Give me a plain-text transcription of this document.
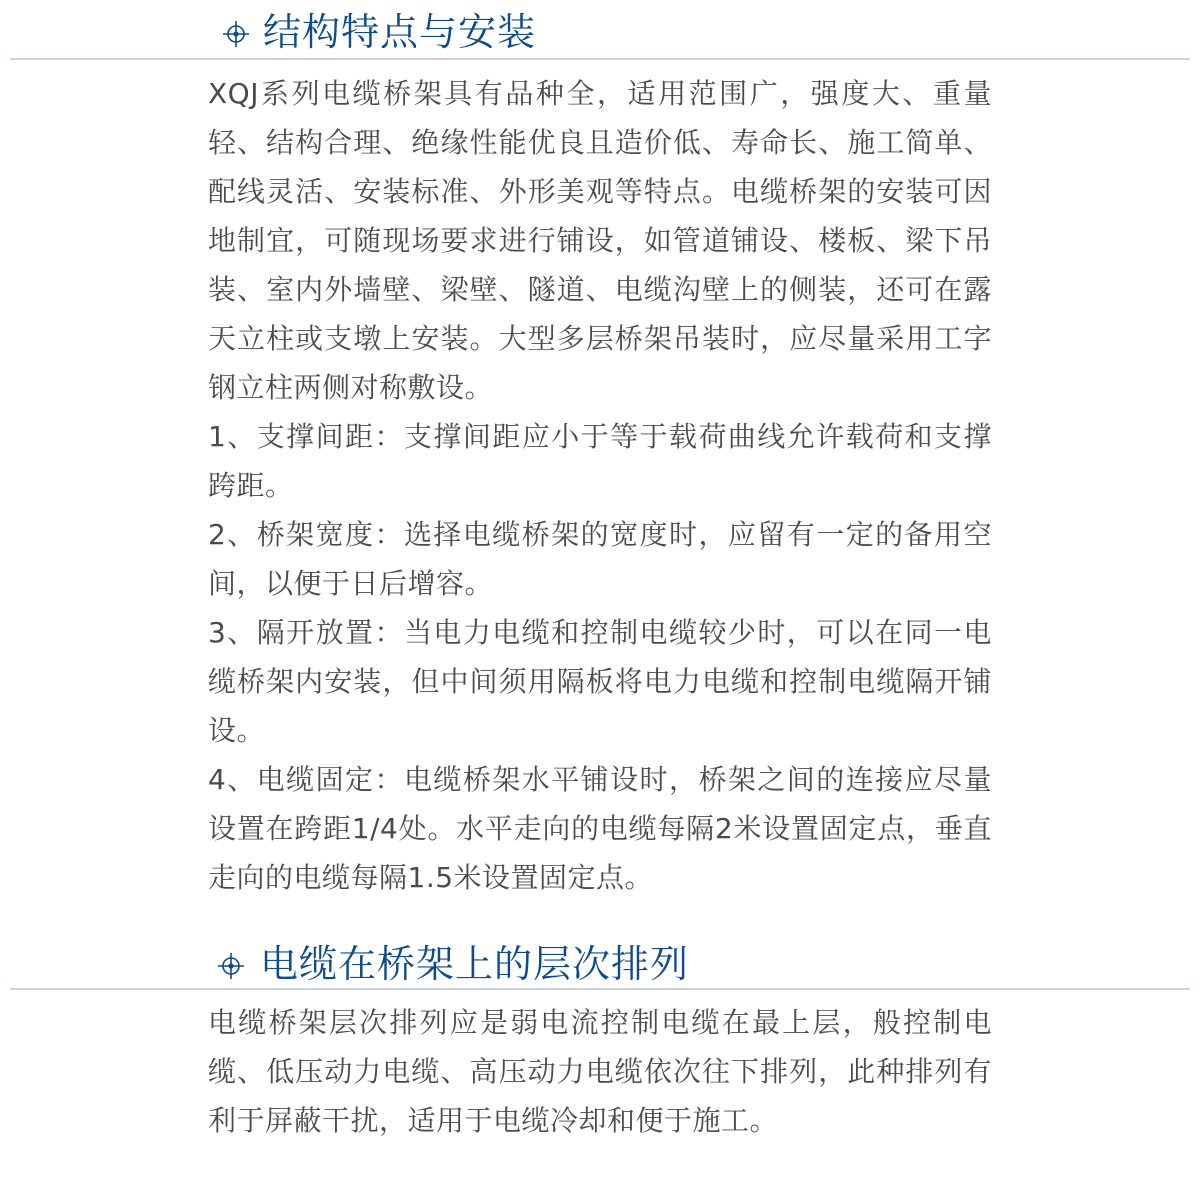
结构特点与安装

XQJ系列电缆桥架具有品种全，适用范围广，强度大、重量轻、结构合理、绝缘性能优良且造价低、寿命长、施工简单、配线灵活、安装标准、外形美观等特点。电缆桥架的安装可因地制宜，可随现场要求进行铺设，如管道铺设、楼板、梁下吊装、室内外墙壁、梁壁、隧道、电缆沟壁上的侧装，还可在露天立柱或支墩上安装。大型多层桥架吊装时，应尽量采用工字钢立柱两侧对称敷设。

1、支撑间距：支撑间距应小于等于载荷曲线允许载荷和支撑跨距。

2、桥架宽度：选择电缆桥架的宽度时，应留有一定的备用空间，以便于日后增容。

3、隔开放置：当电力电缆和控制电缆较少时，可以在同一电缆桥架内安装，但中间须用隔板将电力电缆和控制电缆隔开铺设。

4、电缆固定：电缆桥架水平铺设时，桥架之间的连接应尽量设置在跨距1/4处。水平走向的电缆每隔2米设置固定点，垂直走向的电缆每隔1.5米设置固定点。

电缆在桥架上的层次排列

电缆桥架层次排列应是弱电流控制电缆在最上层，般控制电缆、低压动力电缆、高压动力电缆依次往下排列，此种排列有利于屏蔽干扰，适用于电缆冷却和便于施工。
